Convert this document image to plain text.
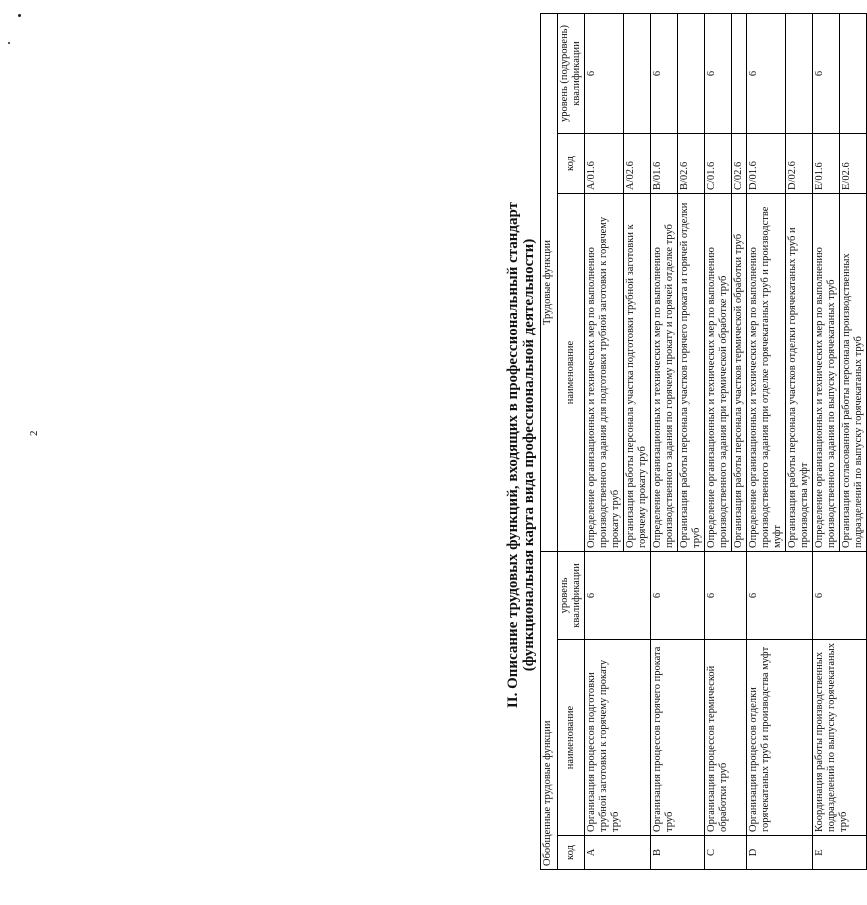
2	II. Описание трудовых функций, входящих в профессиональный стандарт (функциональная карта вида профессиональной деятельности)
Обобщенные трудовые функции			Трудовые функции		
код	наименование	уровень квалификации	наименование	код	уровень (подуровень) квалификации
A	Организация процессов подготовки трубной заготовки к горячему прокату труб	6	Определение организационных и технических мер по выполнению производственного задания для подготовки трубной заготовки к горячему прокату труб	A/01.6	6
			Организация работы персонала участка подготовки трубной заготовки к горячему прокату труб	A/02.6	
B	Организация процессов горячего проката труб	6	Определение организационных и технических мер по выполнению производственного задания по горячему прокату и горячей отделке труб	B/01.6	6
			Организация работы персонала участков горячего проката и горячей отделки труб	B/02.6	
C	Организация процессов термической обработки труб	6	Определение организационных и технических мер по выполнению производственного задания при термической обработке труб	C/01.6	6
			Организация работы персонала участков термической обработки труб	C/02.6	
D	Организация процессов отделки горячекатаных труб и производства муфт	6	Определение организационных и технических мер по выполнению производственного задания при отделке горячекатаных труб и производстве муфт	D/01.6	6
			Организация работы персонала участков отделки горячекатаных труб и производства муфт	D/02.6	
E	Координация работы производственных подразделений по выпуску горячекатаных труб	6	Определение организационных и технических мер по выполнению производственного задания по выпуску горячекатаных труб	E/01.6	6
			Организация согласованной работы персонала производственных подразделений по выпуску горячекатаных труб	E/02.6	
